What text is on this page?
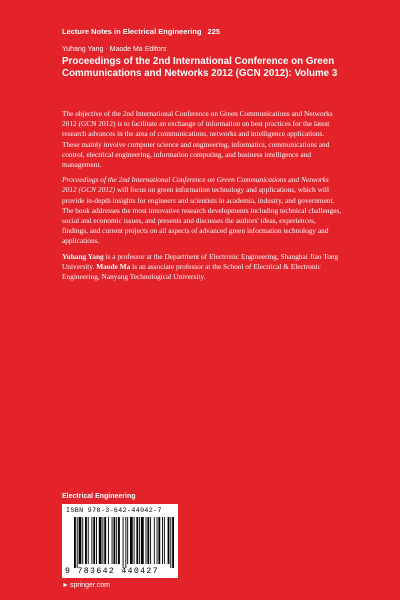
Lecture Notes in Electrical Engineering 225
Yuhang Yang · Maode Ma Editors
Proceedings of the 2nd International Conference on Green Communications and Networks 2012 (GCN 2012): Volume 3

The objective of the 2nd International Conference on Green Communications and Networks 2012 (GCN 2012) is to facilitate an exchange of information on best practices for the latest research advances in the area of communications, networks and intelligence applications. These mainly involve computer science and engineering, informatics, communications and control, electrical engineering, information computing, and business intelligence and management.

Proceedings of the 2nd International Conference on Green Communications and Networks 2012 (GCN 2012) will focus on green information technology and applications, which will provide in-depth insights for engineers and scientists in academia, industry, and government. The book addresses the most innovative research developments including technical challenges, social and economic issues, and presents and discusses the authors' ideas, experiences, findings, and current projects on all aspects of advanced green information technology and applications.

Yuhang Yang is a professor at the Department of Electronic Engineering, Shanghai Jiao Tong University. Maode Ma is an associate professor at the School of Electrical & Electronic Engineering, Nanyang Technological University.

Electrical Engineering
ISBN 978-3-642-44042-7
9 783642 440427
►springer.com
